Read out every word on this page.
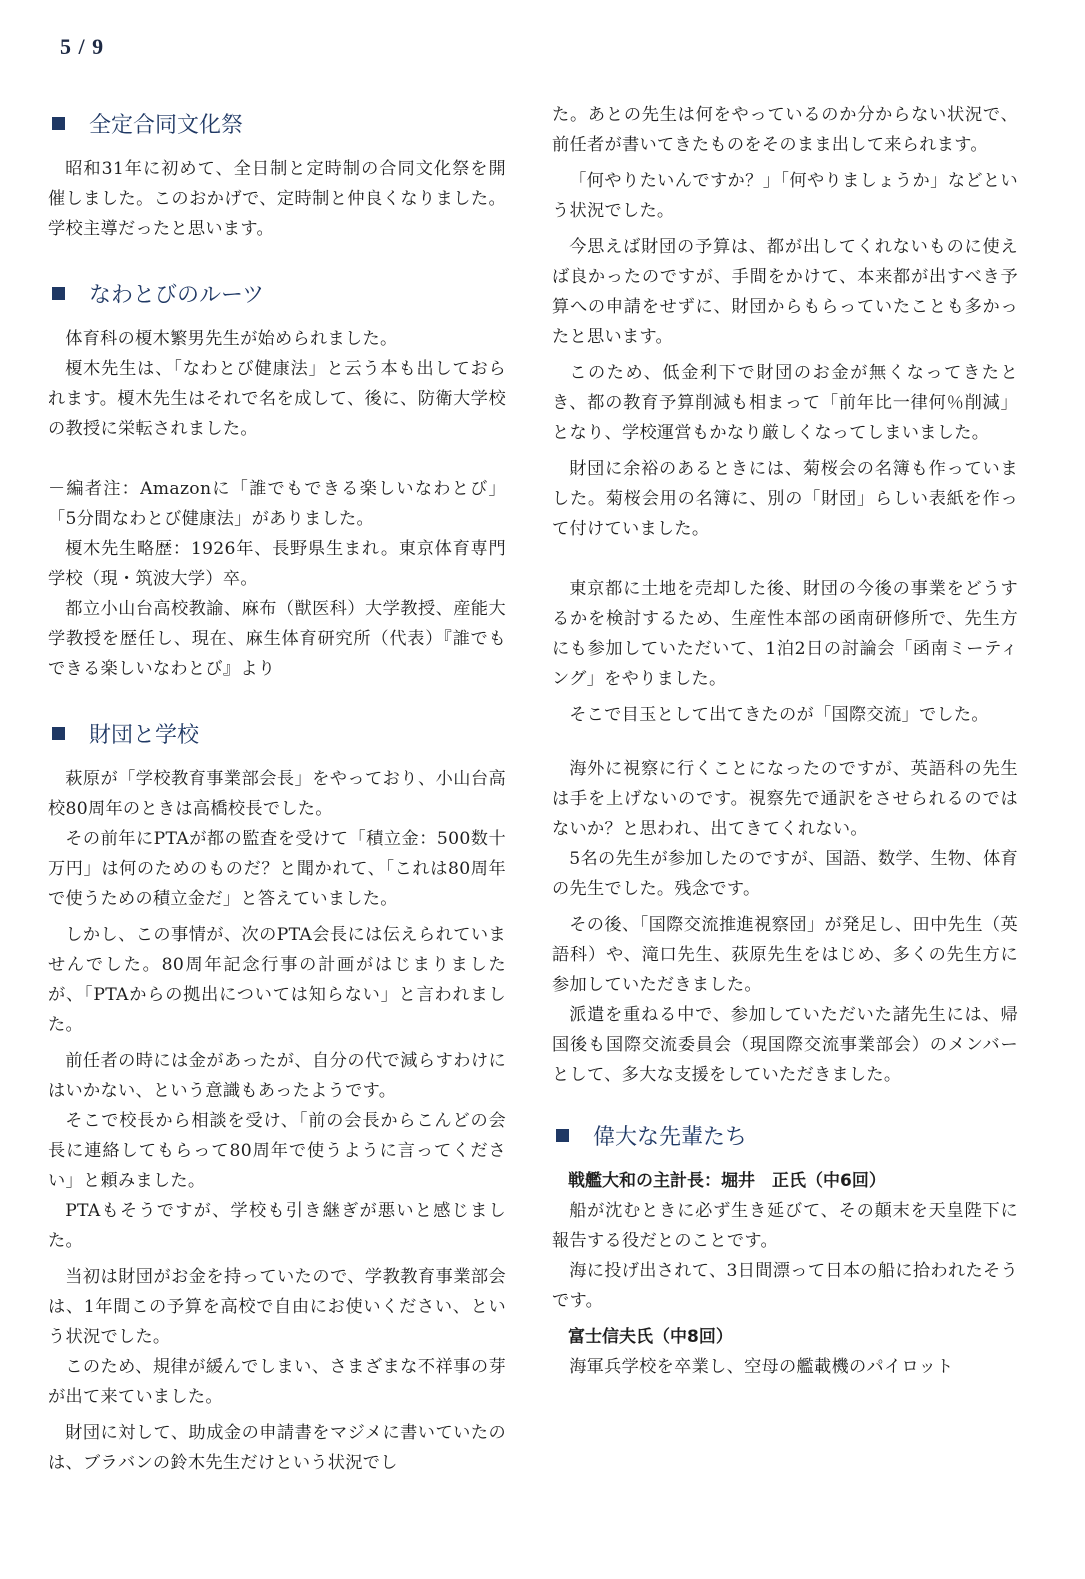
5 / 9
全定合同文化祭

昭和31年に初めて、全日制と定時制の合同文化祭を開催しました。このおかげで、定時制と仲良くなりました。学校主導だったと思います。

なわとびのルーツ

体育科の榎木繁男先生が始められました。

榎木先生は、「なわとび健康法」と云う本も出しておられます。榎木先生はそれで名を成して、後に、防衛大学校の教授に栄転されました。

－編者注：Amazonに「誰でもできる楽しいなわとび」「5分間なわとび健康法」がありました。

榎木先生略歴：1926年、長野県生まれ。東京体育専門学校（現・筑波大学）卒。

都立小山台高校教諭、麻布（獣医科）大学教授、産能大学教授を歴任し、現在、麻生体育研究所（代表）『誰でもできる楽しいなわとび』より

財団と学校

萩原が「学校教育事業部会長」をやっており、小山台高校80周年のときは高橋校長でした。

その前年にPTAが都の監査を受けて「積立金：500数十万円」は何のためのものだ？と聞かれて、「これは80周年で使うための積立金だ」と答えていました。

しかし、この事情が、次のPTA会長には伝えられていませんでした。80周年記念行事の計画がはじまりましたが、「PTAからの拠出については知らない」と言われました。

前任者の時には金があったが、自分の代で減らすわけにはいかない、という意識もあったようです。

そこで校長から相談を受け、「前の会長からこんどの会長に連絡してもらって80周年で使うように言ってください」と頼みました。

PTAもそうですが、学校も引き継ぎが悪いと感じました。

当初は財団がお金を持っていたので、学教教育事業部会は、1年間この予算を高校で自由にお使いください、という状況でした。

このため、規律が緩んでしまい、さまざまな不祥事の芽が出て来ていました。

財団に対して、助成金の申請書をマジメに書いていたのは、ブラバンの鈴木先生だけという状況でし

た。あとの先生は何をやっているのか分からない状況で、前任者が書いてきたものをそのまま出して来られます。

「何やりたいんですか？」「何やりましょうか」などという状況でした。

今思えば財団の予算は、都が出してくれないものに使えば良かったのですが、手間をかけて、本来都が出すべき予算への申請をせずに、財団からもらっていたことも多かったと思います。

このため、低金利下で財団のお金が無くなってきたとき、都の教育予算削減も相まって「前年比一律何％削減」となり、学校運営もかなり厳しくなってしまいました。

財団に余裕のあるときには、菊桜会の名簿も作っていました。菊桜会用の名簿に、別の「財団」らしい表紙を作って付けていました。

東京都に土地を売却した後、財団の今後の事業をどうするかを検討するため、生産性本部の函南研修所で、先生方にも参加していただいて、1泊2日の討論会「函南ミーティング」をやりました。

そこで目玉として出てきたのが「国際交流」でした。

海外に視察に行くことになったのですが、英語科の先生は手を上げないのです。視察先で通訳をさせられるのではないか？と思われ、出てきてくれない。

5名の先生が参加したのですが、国語、数学、生物、体育の先生でした。残念です。

その後、「国際交流推進視察団」が発足し、田中先生（英語科）や、滝口先生、荻原先生をはじめ、多くの先生方に参加していただきました。

派遣を重ねる中で、参加していただいた諸先生には、帰国後も国際交流委員会（現国際交流事業部会）のメンバーとして、多大な支援をしていただきました。

偉大な先輩たち
戦艦大和の主計長：堀井　正氏（中6回）

船が沈むときに必ず生き延びて、その顛末を天皇陛下に報告する役だとのことです。

海に投げ出されて、3日間漂って日本の船に拾われたそうです。

富士信夫氏（中8回）

海軍兵学校を卒業し、空母の艦載機のパイロット
